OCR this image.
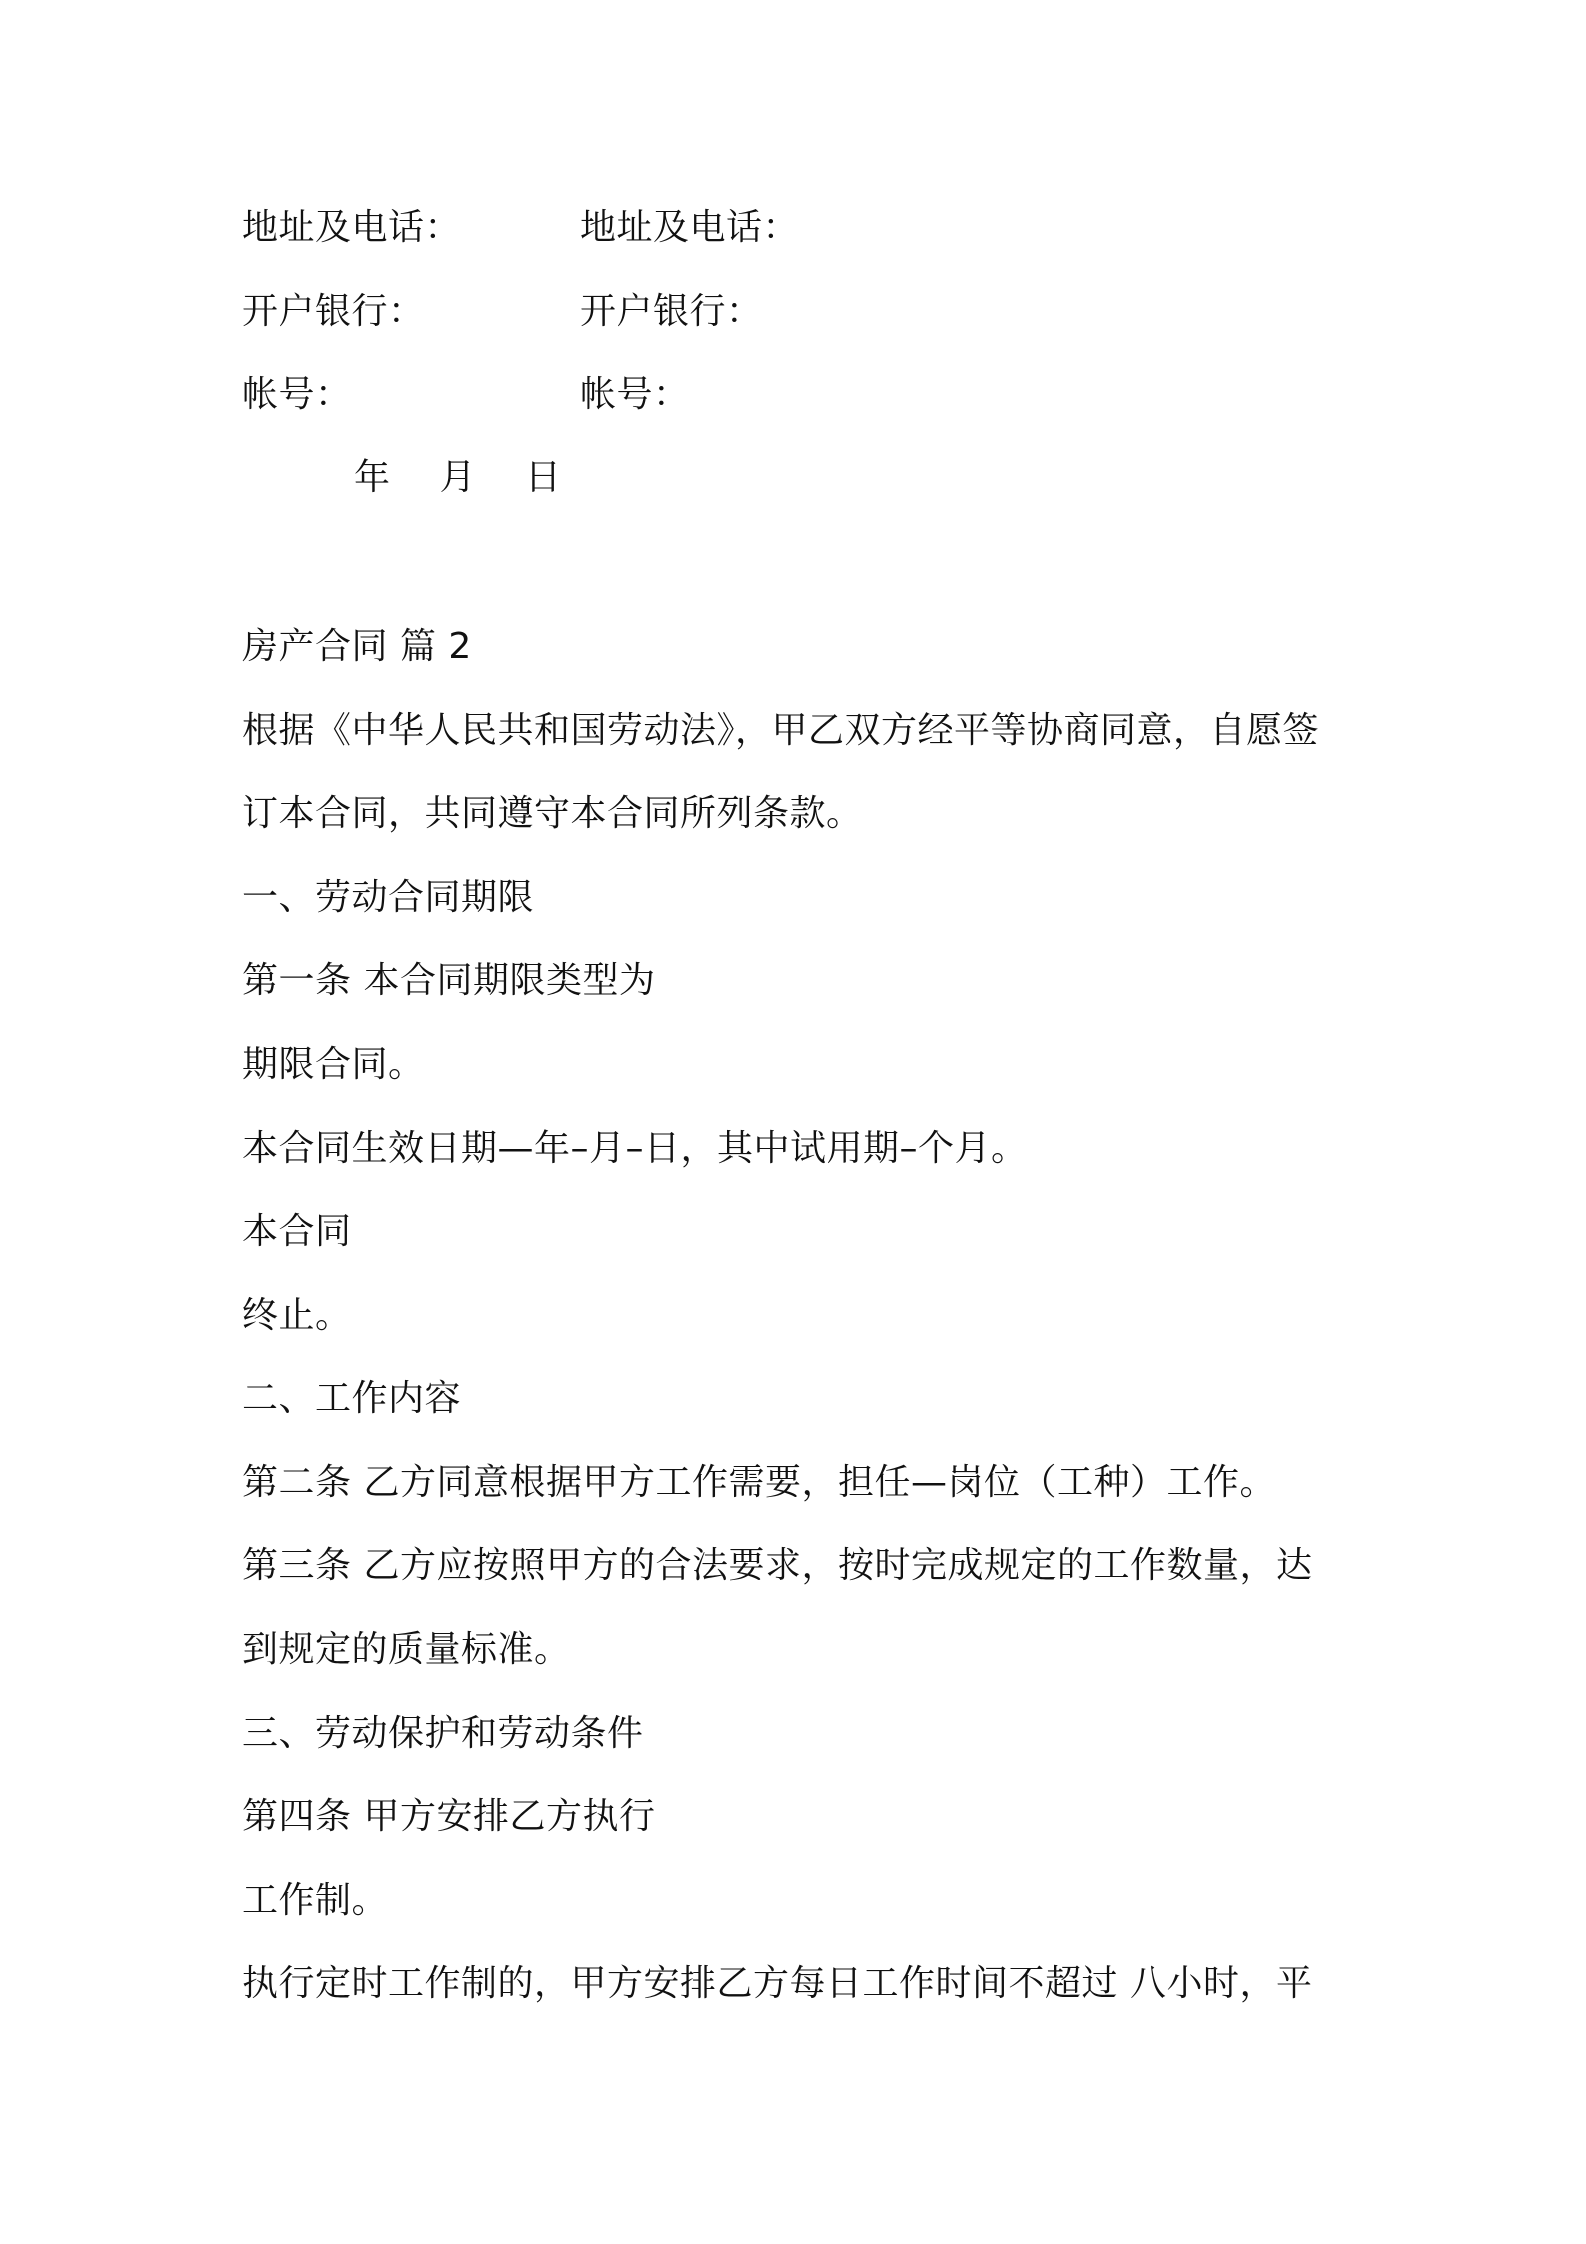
地址及电话：	地址及电话：
开户银行：	开户银行：
帐号：	帐号：
年 月 日
房产合同 篇 2
根据《中华人民共和国劳动法》，甲乙双方经平等协商同意，自愿签
订本合同，共同遵守本合同所列条款。
一、劳动合同期限
第一条 本合同期限类型为
期限合同。
本合同生效日期—年–月–日，其中试用期–个月。
本合同
终止。
二、工作内容
第二条 乙方同意根据甲方工作需要，担任—岗位（工种）工作。
第三条 乙方应按照甲方的合法要求，按时完成规定的工作数量，达
到规定的质量标准。
三、劳动保护和劳动条件
第四条 甲方安排乙方执行
工作制。
执行定时工作制的，甲方安排乙方每日工作时间不超过 八小时，平
